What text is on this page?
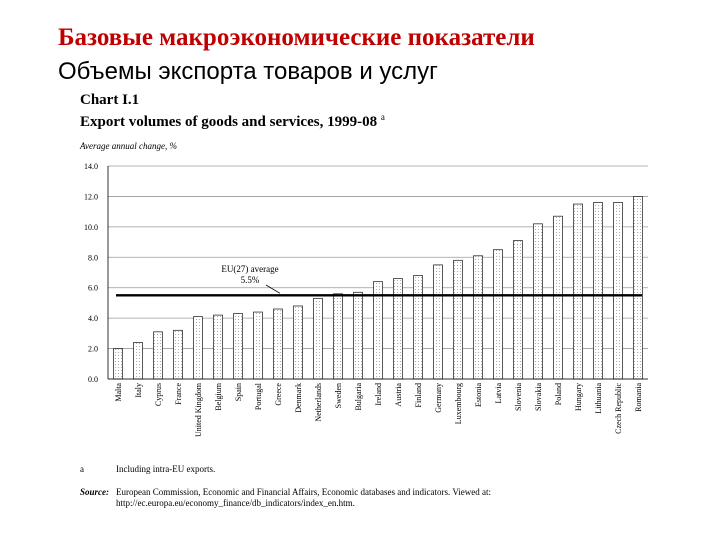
Базовые макроэкономические показатели
Объемы экспорта товаров и услуг
Chart I.1
Export volumes of goods and services, 1999-08 $^a$
Average annual change, %
0.0
2.0
4.0
6.0
8.0
10.0
12.0
14.0
Malta Italy Cyprus France United Kingdom Belgium Spain Portugal Greece Denmark Netherlands Sweden Bulgaria Ireland Austria Finland Germany Luxembourg Estonia Latvia Slovenia Slovakia Poland Hungary Lithuania Czech Republic Romania
EU(27) average
5.5%
a	Including intra-EU exports.
Source: European Commission, Economic and Financial Affairs, Economic databases and indicators. Viewed at:
http://ec.europa.eu/economy_finance/db_indicators/index_en.htm.
